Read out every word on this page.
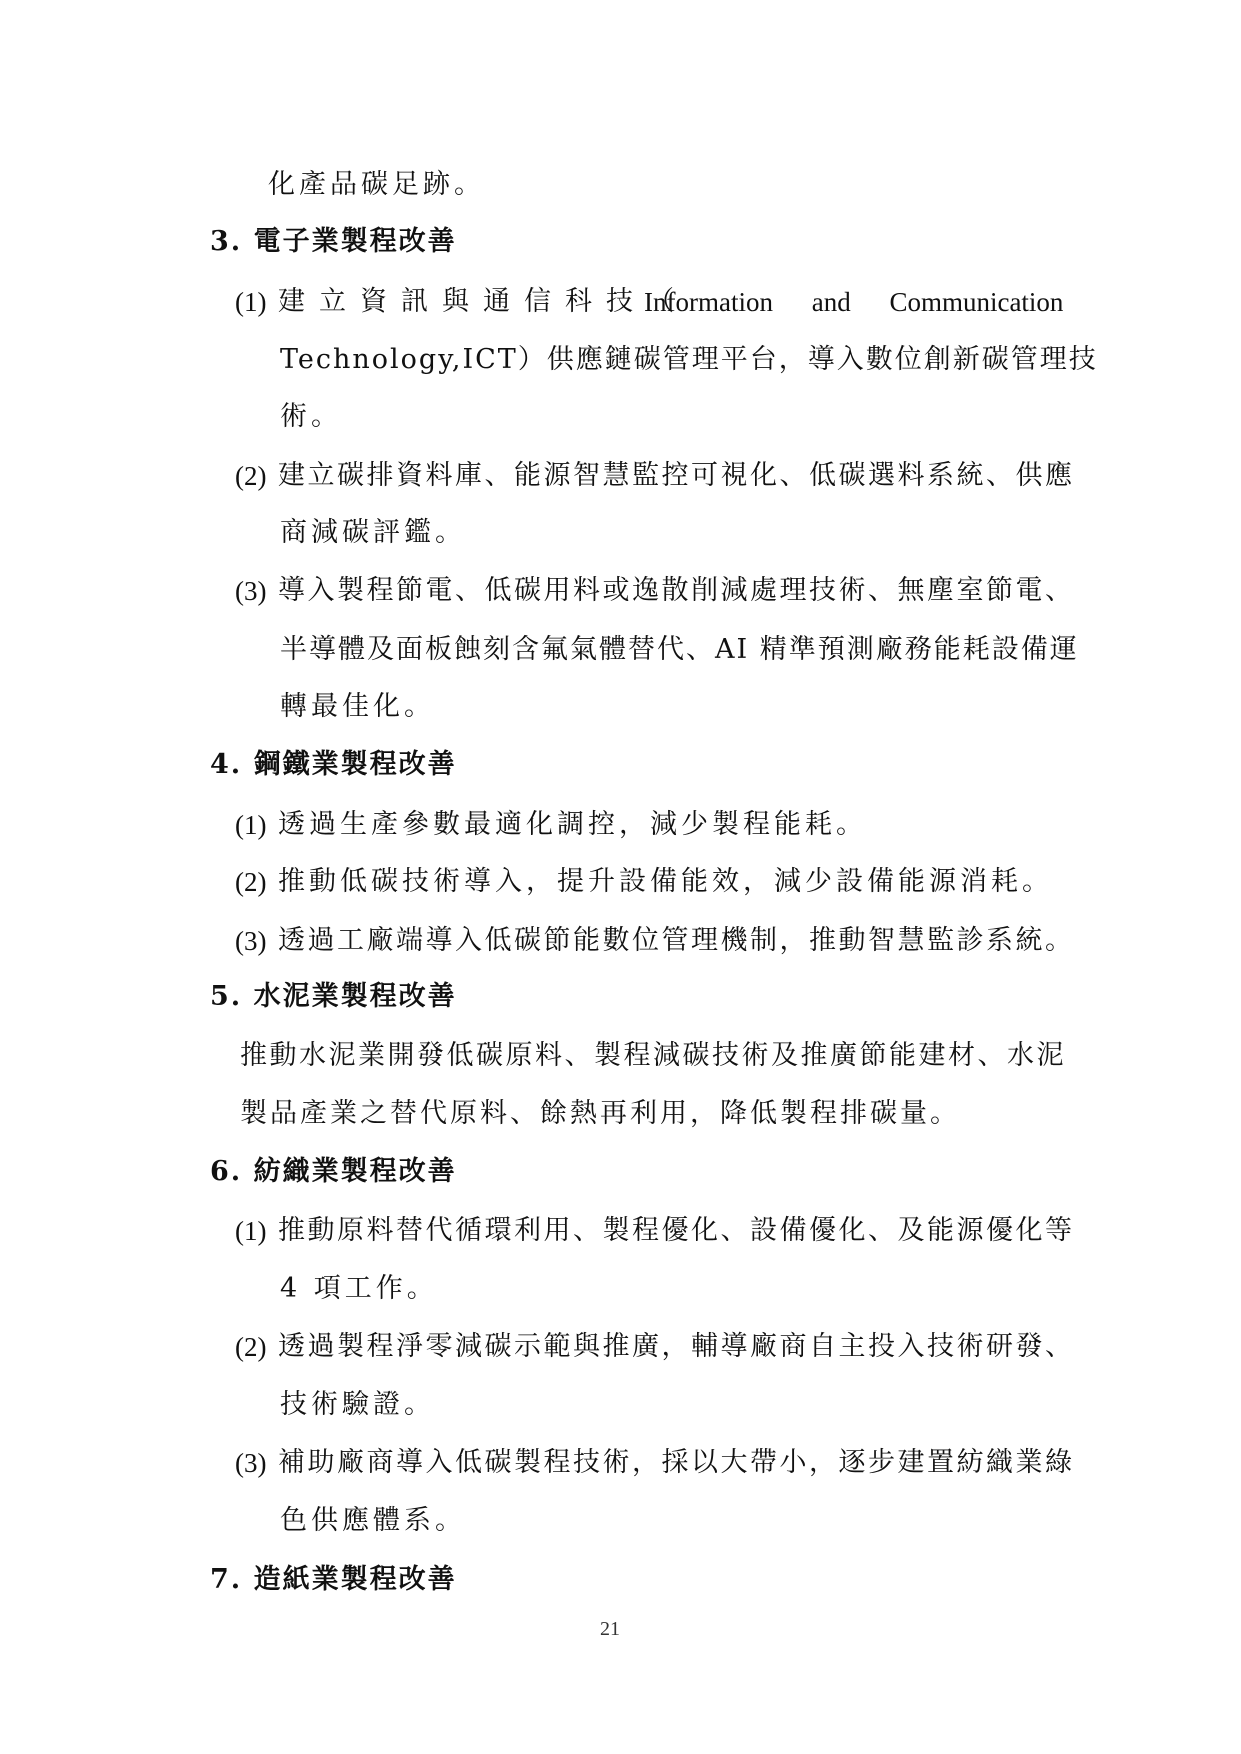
化產品碳足跡。
3. 電子業製程改善
(1) 建立資訊與通信科技（
Information and Communication
Technology,ICT）供應鏈碳管理平台，導入數位創新碳管理技
術。
(2) 建立碳排資料庫、能源智慧監控可視化、低碳選料系統、供應
商減碳評鑑。
(3) 導入製程節電、低碳用料或逸散削減處理技術、無塵室節電、
半導體及面板蝕刻含氟氣體替代、AI 精準預測廠務能耗設備運
轉最佳化。
4. 鋼鐵業製程改善
(1) 透過生產參數最適化調控，減少製程能耗。
(2) 推動低碳技術導入，提升設備能效，減少設備能源消耗。
(3) 透過工廠端導入低碳節能數位管理機制，推動智慧監診系統。
5. 水泥業製程改善
推動水泥業開發低碳原料、製程減碳技術及推廣節能建材、水泥
製品產業之替代原料、餘熱再利用，降低製程排碳量。
6. 紡織業製程改善
(1) 推動原料替代循環利用、製程優化、設備優化、及能源優化等
4 項工作。
(2) 透過製程淨零減碳示範與推廣，輔導廠商自主投入技術研發、
技術驗證。
(3) 補助廠商導入低碳製程技術，採以大帶小，逐步建置紡織業綠
色供應體系。
7. 造紙業製程改善
21
